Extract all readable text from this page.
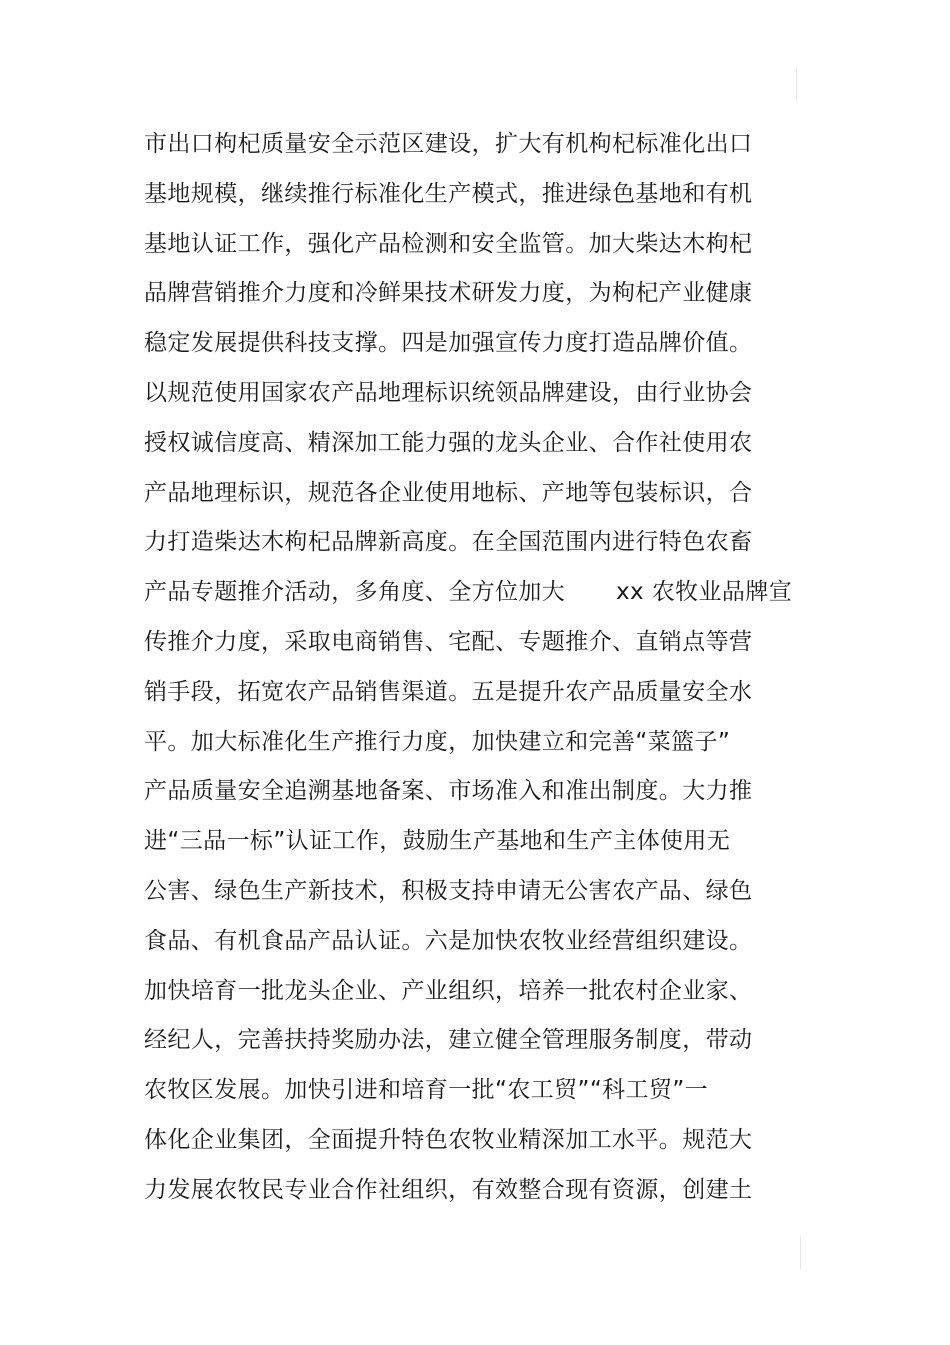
市出口枸杞质量安全示范区建设，扩大有机枸杞标准化出口
基地规模，继续推行标准化生产模式，推进绿色基地和有机
基地认证工作，强化产品检测和安全监管。加大柴达木枸杞
品牌营销推介力度和冷鲜果技术研发力度，为枸杞产业健康
稳定发展提供科技支撑。四是加强宣传力度打造品牌价值。
以规范使用国家农产品地理标识统领品牌建设，由行业协会
授权诚信度高、精深加工能力强的龙头企业、合作社使用农
产品地理标识，规范各企业使用地标、产地等包装标识，合
力打造柴达木枸杞品牌新高度。在全国范围内进行特色农畜
产品专题推介活动，多角度、全方位加大 xx 农牧业品牌宣
传推介力度，采取电商销售、宅配、专题推介、直销点等营
销手段，拓宽农产品销售渠道。五是提升农产品质量安全水
平。加大标准化生产推行力度，加快建立和完善“菜篮子”
产品质量安全追溯基地备案、市场准入和准出制度。大力推
进“三品一标”认证工作，鼓励生产基地和生产主体使用无
公害、绿色生产新技术，积极支持申请无公害农产品、绿色
食品、有机食品产品认证。六是加快农牧业经营组织建设。
加快培育一批龙头企业、产业组织，培养一批农村企业家、
经纪人，完善扶持奖励办法，建立健全管理服务制度，带动
农牧区发展。加快引进和培育一批“农工贸”“科工贸”一
体化企业集团，全面提升特色农牧业精深加工水平。规范大
力发展农牧民专业合作社组织，有效整合现有资源，创建土
